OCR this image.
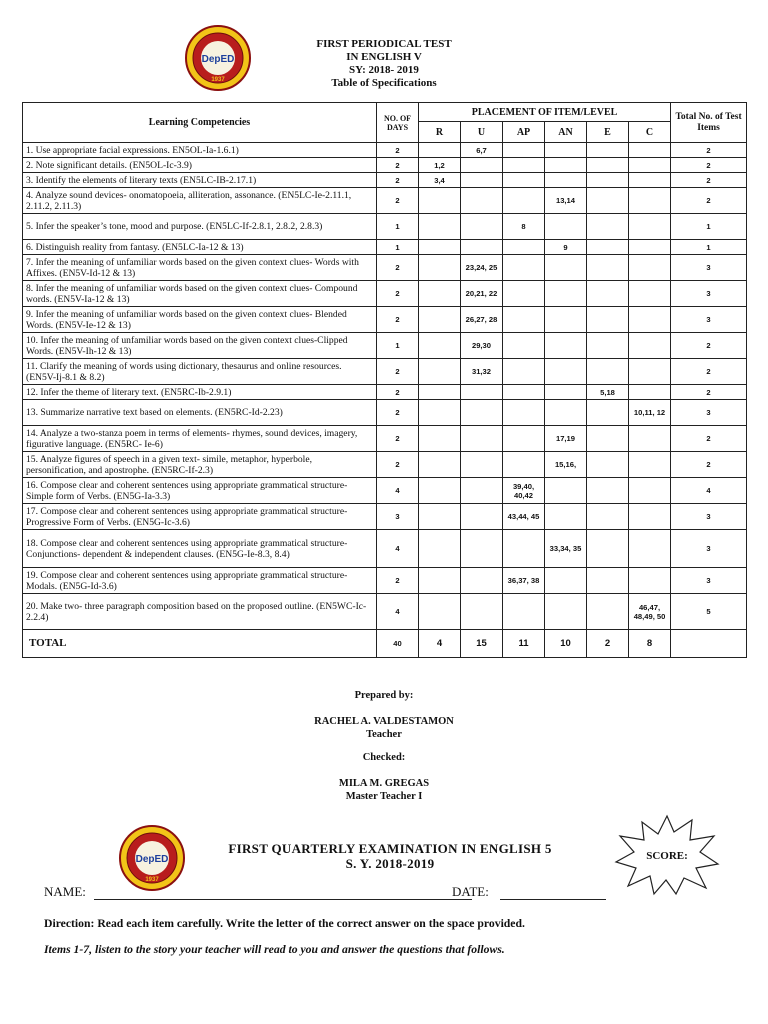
DepED
1937
FIRST PERIODICAL TEST
IN ENGLISH V
SY: 2018- 2019
Table of Specifications
Learning Competencies	NO. OF DAYS	PLACEMENT OF ITEM/LEVEL						Total No. of Test Items
		R	U	AP	AN	E	C	
1. Use appropriate facial expressions. EN5OL-Ia-1.6.1)	2		6,7					2
2. Note significant details. (EN5OL-Ic-3.9)	2	1,2						2
3. Identify the elements of literary texts (EN5LC-IB-2.17.1)	2	3,4						2
4. Analyze sound devices- onomatopoeia, alliteration, assonance. (EN5LC-Ie-2.11.1, 2.11.2, 2.11.3)	2				13,14			2
5. Infer the speaker’s tone, mood and purpose. (EN5LC-If-2.8.1, 2.8.2, 2.8.3)	1			8				1
6. Distinguish reality from fantasy. (EN5LC-Ia-12 & 13)	1				9			1
7. Infer the meaning of unfamiliar words based on the given context clues- Words with Affixes. (EN5V-Id-12 & 13)	2		23,24, 25					3
8. Infer the meaning of unfamiliar words based on the given context clues- Compound words. (EN5V-Ia-12 & 13)	2		20,21, 22					3
9. Infer the meaning of unfamiliar words based on the given context clues- Blended Words. (EN5V-Ie-12 & 13)	2		26,27, 28					3
10. Infer the meaning of unfamiliar words based on the given context clues-Clipped Words. (EN5V-Ih-12 & 13)	1		29,30					2
11. Clarify the meaning of words using dictionary, thesaurus and online resources. (EN5V-Ij-8.1 & 8.2)	2		31,32					2
12. Infer the theme of literary text. (EN5RC-Ib-2.9.1)	2					5,18		2
13. Summarize narrative text based on elements. (EN5RC-Id-2.23)	2						10,11, 12	3
14. Analyze a two-stanza poem in terms of elements- rhymes, sound devices, imagery, figurative language. (EN5RC- Ie-6)	2				17,19			2
15. Analyze figures of speech in a given text- simile, metaphor, hyperbole, personification, and apostrophe. (EN5RC-If-2.3)	2				15,16,			2
16. Compose clear and coherent sentences using appropriate grammatical structure- Simple form of Verbs. (EN5G-Ia-3.3)	4			39,40, 40,42				4
17. Compose clear and coherent sentences using appropriate grammatical structure- Progressive Form of Verbs. (EN5G-Ic-3.6)	3			43,44, 45				3
18. Compose clear and coherent sentences using appropriate grammatical structure- Conjunctions- dependent & independent clauses. (EN5G-Ie-8.3, 8.4)	4				33,34, 35			3
19. Compose clear and coherent sentences using appropriate grammatical structure- Modals. (EN5G-Id-3.6)	2			36,37, 38				3
20. Make two- three paragraph composition based on the proposed outline. (EN5WC-Ic-2.2.4)	4						46,47, 48,49, 50	5
TOTAL	40	4	15	11	10	2	8	
Prepared by:
RACHEL A. VALDESTAMON
Teacher
Checked:
MILA M. GREGAS
Master Teacher I
DepED
1937
FIRST QUARTERLY EXAMINATION IN ENGLISH 5
S. Y. 2018-2019	SCORE:
NAME:	DATE:
Direction: Read each item carefully. Write the letter of the correct answer on the space provided.
Items 1-7, listen to the story your teacher will read to you and answer the questions that follows.
